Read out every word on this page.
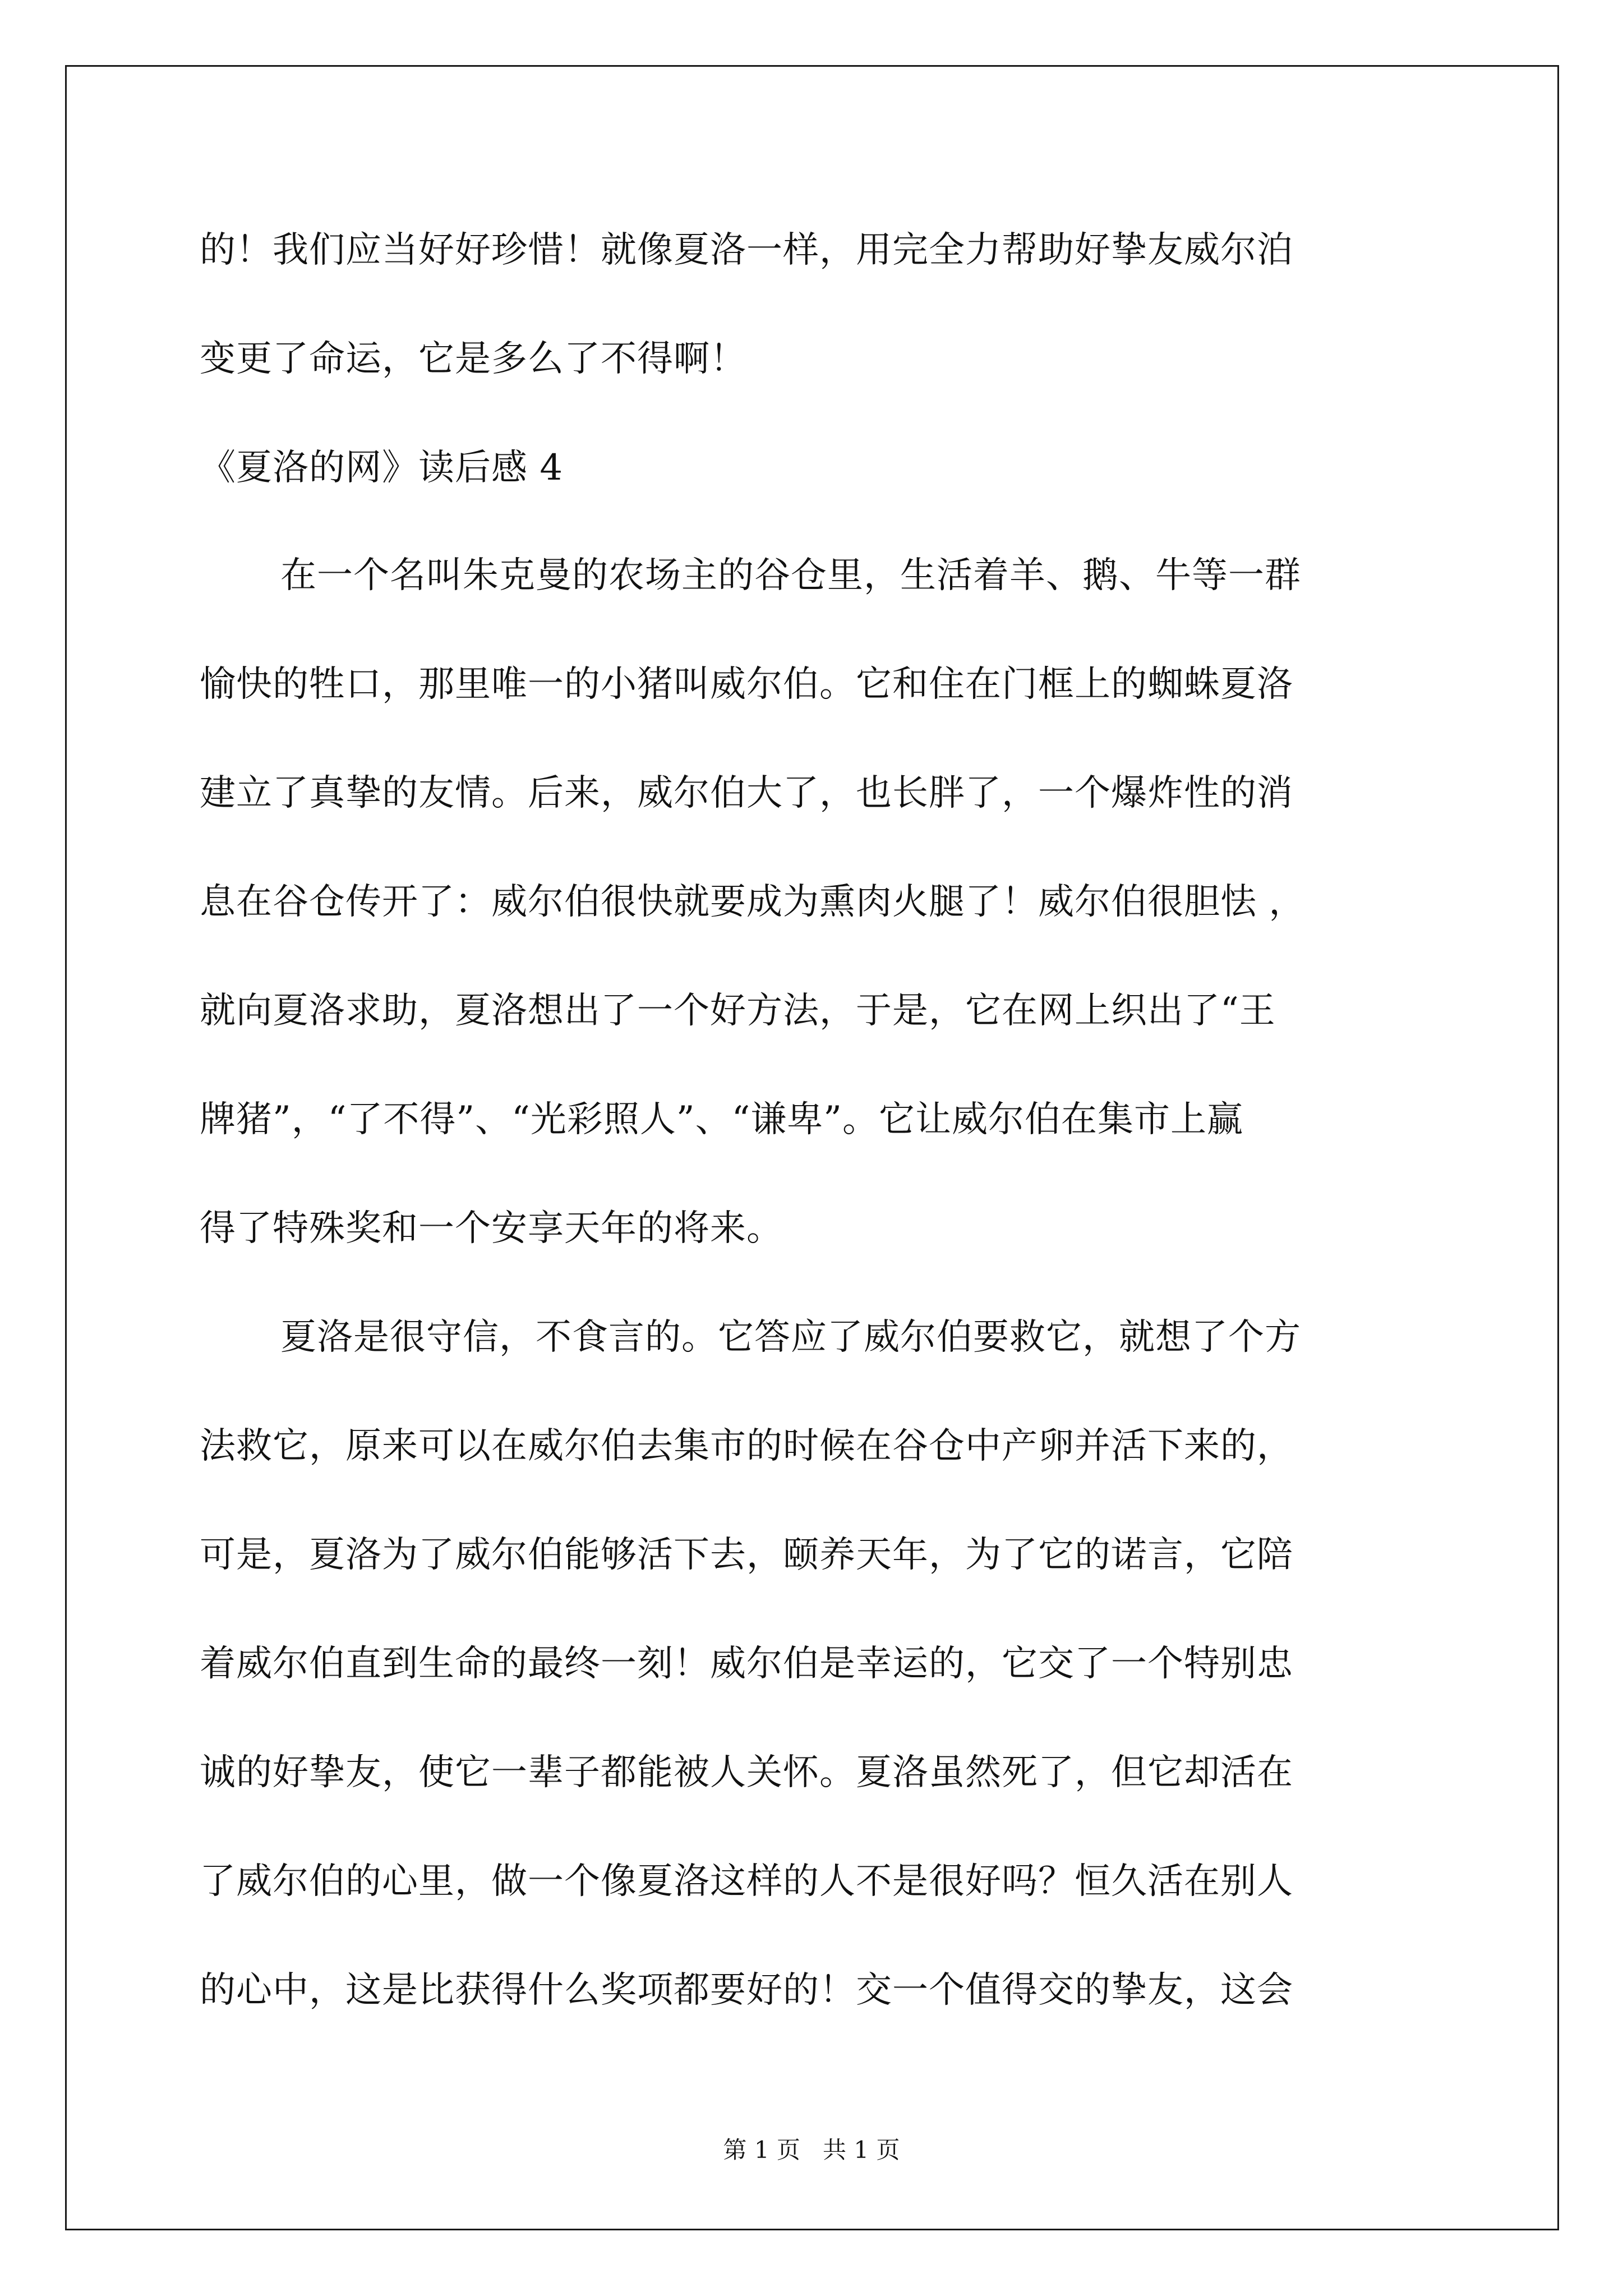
的！我们应当好好珍惜！就像夏洛一样，用完全力帮助好挚友威尔泊
变更了命运，它是多么了不得啊！
《夏洛的网》读后感 4
在一个名叫朱克曼的农场主的谷仓里，生活着羊、鹅、牛等一群
愉快的牲口，那里唯一的小猪叫威尔伯。它和住在门框上的蜘蛛夏洛
建立了真挚的友情。后来，威尔伯大了，也长胖了，一个爆炸性的消
息在谷仓传开了：威尔伯很快就要成为熏肉火腿了！威尔伯很胆怯 ，
就向夏洛求助，夏洛想出了一个好方法，于是，它在网上织出了“王
牌猪”，“了不得”、“光彩照人”、“谦卑”。它让威尔伯在集市上赢
得了特殊奖和一个安享天年的将来。
夏洛是很守信，不食言的。它答应了威尔伯要救它，就想了个方
法救它，原来可以在威尔伯去集市的时候在谷仓中产卵并活下来的，
可是，夏洛为了威尔伯能够活下去，颐养天年，为了它的诺言，它陪
着威尔伯直到生命的最终一刻！威尔伯是幸运的，它交了一个特别忠
诚的好挚友，使它一辈子都能被人关怀。夏洛虽然死了，但它却活在
了威尔伯的心里，做一个像夏洛这样的人不是很好吗？恒久活在别人
的心中，这是比获得什么奖项都要好的！交一个值得交的挚友，这会
第 1 页   共 1 页
